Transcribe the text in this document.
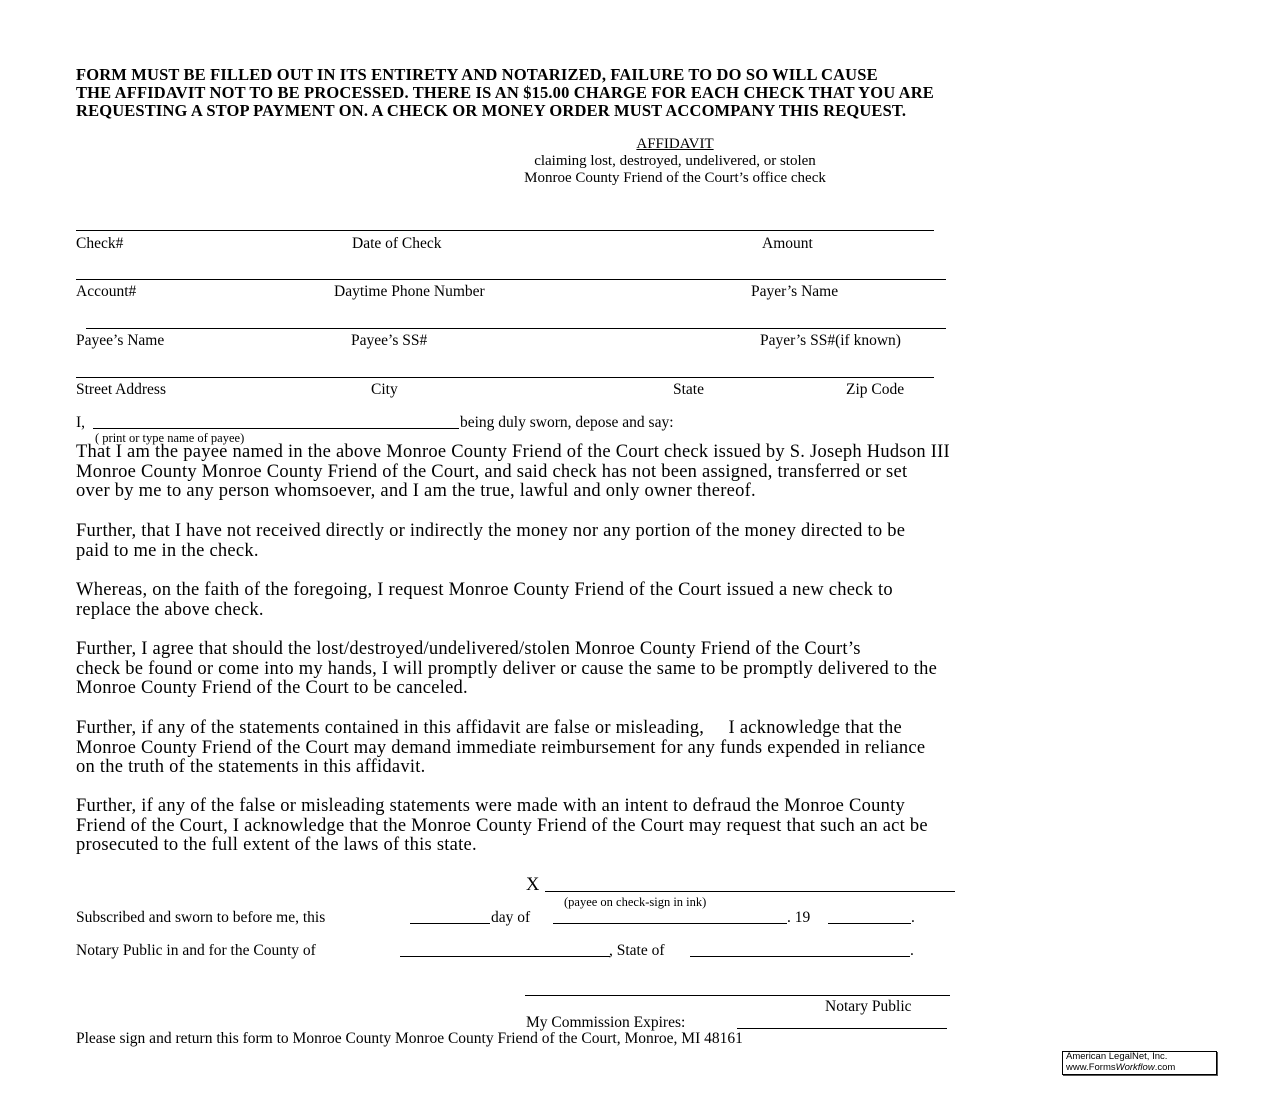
FORM MUST BE FILLED OUT IN ITS ENTIRETY AND NOTARIZED, FAILURE TO DO SO WILL CAUSE
THE AFFIDAVIT NOT TO BE PROCESSED. THERE IS AN $15.00 CHARGE FOR EACH CHECK THAT YOU ARE
REQUESTING A STOP PAYMENT ON. A CHECK OR MONEY ORDER MUST ACCOMPANY THIS REQUEST.
AFFIDAVIT
claiming lost, destroyed, undelivered, or stolen
Monroe County Friend of the Court’s office check
Check#	Date of Check	Amount
Account#	Daytime Phone Number	Payer’s Name
Payee’s Name	Payee’s SS#	Payer’s SS#(if known)
Street Address	City	State	Zip Code
I,	being duly sworn, depose and say:
( print or type name of payee)
That I am the payee named in the above Monroe County Friend of the Court check issued by S. Joseph Hudson III
Monroe County Monroe County Friend of the Court, and said check has not been assigned, transferred or set
over by me to any person whomsoever, and I am the true, lawful and only owner thereof.
Further, that I have not received directly or indirectly the money nor any portion of the money directed to be
paid to me in the check.
Whereas, on the faith of the foregoing, I request Monroe County Friend of the Court issued a new check to
replace the above check.
Further, I agree that should the lost/destroyed/undelivered/stolen Monroe County Friend of the Court’s
check be found or come into my hands, I will promptly deliver or cause the same to be promptly delivered to the
Monroe County Friend of the Court to be canceled.
Further, if any of the statements contained in this affidavit are false or misleading,     I acknowledge that the
Monroe County Friend of the Court may demand immediate reimbursement for any funds expended in reliance
on the truth of the statements in this affidavit.
Further, if any of the false or misleading statements were made with an intent to defraud the Monroe County
Friend of the Court, I acknowledge that the Monroe County Friend of the Court may request that such an act be
prosecuted to the full extent of the laws of this state.
X
(payee on check-sign in ink)
Subscribed and sworn to before me, this	day of	. 19	.
Notary Public in and for the County of	, State of	.
Notary Public
My Commission Expires:
Please sign and return this form to Monroe County Monroe County Friend of the Court, Monroe, MI 48161
American LegalNet, Inc.
www.FormsWorkflow.com
